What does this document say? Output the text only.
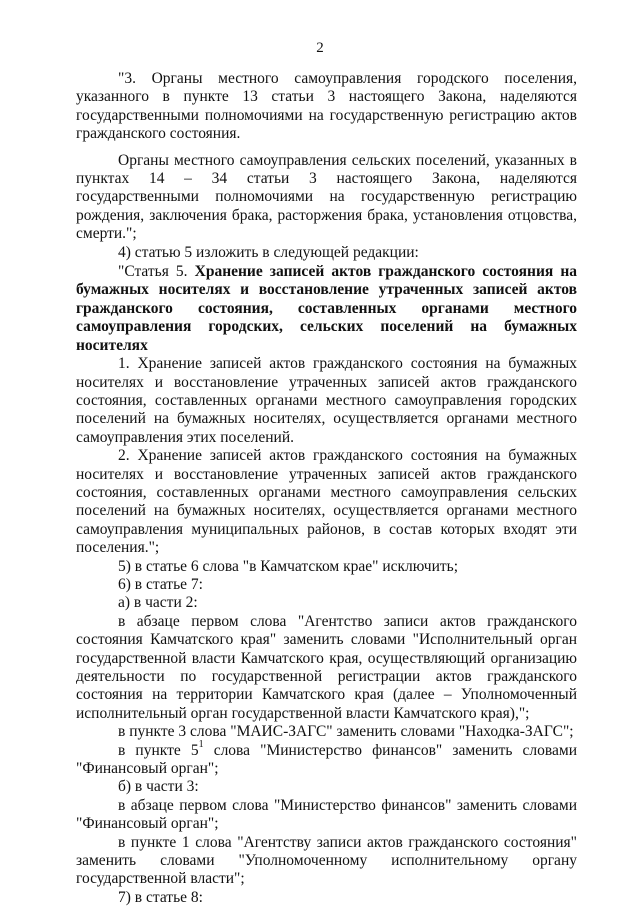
2

"3. Органы местного самоуправления городского поселения, указанного в пункте 13 статьи 3 настоящего Закона, наделяются государственными полномочиями на государственную регистрацию актов гражданского состояния.

Органы местного самоуправления сельских поселений, указанных в пунктах 14 – 34 статьи 3 настоящего Закона, наделяются государственными полномочиями на государственную регистрацию рождения, заключения брака, расторжения брака, установления отцовства, смерти.";

4) статью 5 изложить в следующей редакции:

"Статья 5. Хранение записей актов гражданского состояния на бумажных носителях и восстановление утраченных записей актов гражданского состояния, составленных органами местного самоуправления городских, сельских поселений на бумажных носителях

1. Хранение записей актов гражданского состояния на бумажных носителях и восстановление утраченных записей актов гражданского состояния, составленных органами местного самоуправления городских поселений на бумажных носителях, осуществляется органами местного самоуправления этих поселений.

2. Хранение записей актов гражданского состояния на бумажных носителях и восстановление утраченных записей актов гражданского состояния, составленных органами местного самоуправления сельских поселений на бумажных носителях, осуществляется органами местного самоуправления муниципальных районов, в состав которых входят эти поселения.";

5) в статье 6 слова "в Камчатском крае" исключить;

6) в статье 7:

а) в части 2:

в абзаце первом слова "Агентство записи актов гражданского состояния Камчатского края" заменить словами "Исполнительный орган государственной власти Камчатского края, осуществляющий организацию деятельности по государственной регистрации актов гражданского состояния на территории Камчатского края (далее – Уполномоченный исполнительный орган государственной власти Камчатского края),";

в пункте 3 слова "МАИС-ЗАГС" заменить словами "Находка-ЗАГС";

в пункте $5^1$ слова "Министерство финансов" заменить словами "Финансовый орган";

б) в части 3:

в абзаце первом слова "Министерство финансов" заменить словами "Финансовый орган";

в пункте 1 слова "Агентству записи актов гражданского состояния" заменить словами "Уполномоченному исполнительному органу государственной власти";

7) в статье 8:
